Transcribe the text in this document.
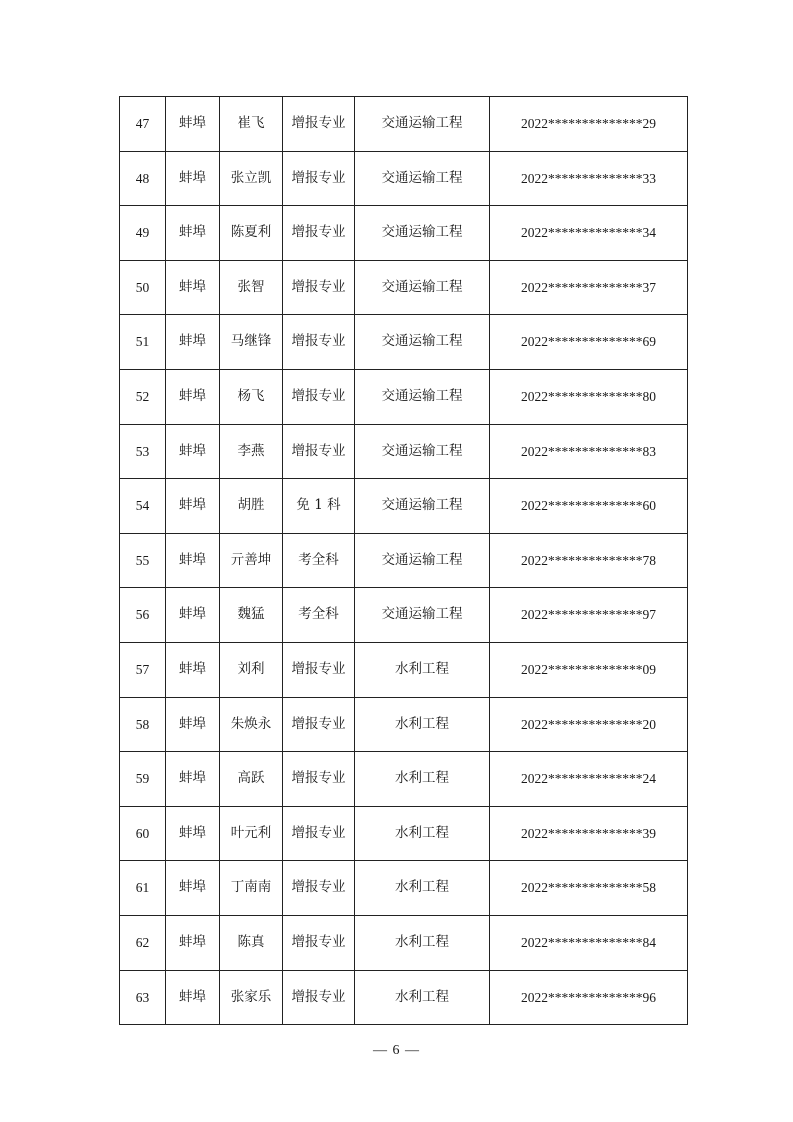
47	蚌埠	崔飞	增报专业	交通运输工程	2022**************29
48	蚌埠	张立凯	增报专业	交通运输工程	2022**************33
49	蚌埠	陈夏利	增报专业	交通运输工程	2022**************34
50	蚌埠	张智	增报专业	交通运输工程	2022**************37
51	蚌埠	马继锋	增报专业	交通运输工程	2022**************69
52	蚌埠	杨飞	增报专业	交通运输工程	2022**************80
53	蚌埠	李燕	增报专业	交通运输工程	2022**************83
54	蚌埠	胡胜	免 1 科	交通运输工程	2022**************60
55	蚌埠	亓善坤	考全科	交通运输工程	2022**************78
56	蚌埠	魏猛	考全科	交通运输工程	2022**************97
57	蚌埠	刘利	增报专业	水利工程	2022**************09
58	蚌埠	朱焕永	增报专业	水利工程	2022**************20
59	蚌埠	高跃	增报专业	水利工程	2022**************24
60	蚌埠	叶元利	增报专业	水利工程	2022**************39
61	蚌埠	丁南南	增报专业	水利工程	2022**************58
62	蚌埠	陈真	增报专业	水利工程	2022**************84
63	蚌埠	张家乐	增报专业	水利工程	2022**************96
— 6 —
